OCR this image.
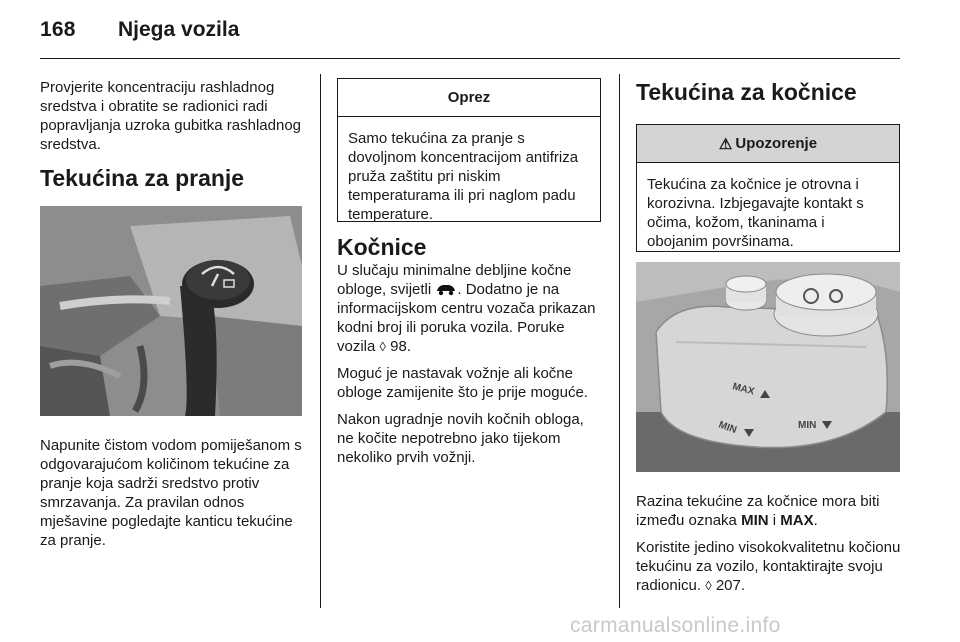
168 Njega vozila

Provjerite koncentraciju rashladnog sredstva i obratite se radionici radi popravljanja uzroka gubitka rashladnog sredstva.

Tekućina za pranje

Napunite čistom vodom pomiješanom s odgovarajućom količinom tekućine za pranje koja sadrži sredstvo protiv smrzavanja. Za pravilan odnos mješavine pogledajte kanticu tekućine za pranje.

Oprez
Samo tekućina za pranje s dovoljnom koncentracijom antifriza pruža zaštitu pri niskim temperaturama ili pri naglom padu temperature.
Kočnice

U slučaju minimalne debljine kočne obloge, svijetli . Dodatno je na informacijskom centru vozača prikazan kodni broj ili poruka vozila. Poruke vozila ◊ 98.

Moguć je nastavak vožnje ali kočne obloge zamijenite što je prije moguće.

Nakon ugradnje novih kočnih obloga, ne kočite nepotrebno jako tijekom nekoliko prvih vožnji.

Tekućina za kočnice
⚠ Upozorenje
Tekućina za kočnice je otrovna i korozivna. Izbjegavajte kontakt s očima, kožom, tkaninama i obojanim površinama.
MAX
MIN	MIN

Razina tekućine za kočnice mora biti između oznaka MIN i MAX.

Koristite jedino visokokvalitetnu kočionu tekućinu za vozilo, kontaktirajte svoju radionicu. ◊ 207.

carmanualsonline.info
